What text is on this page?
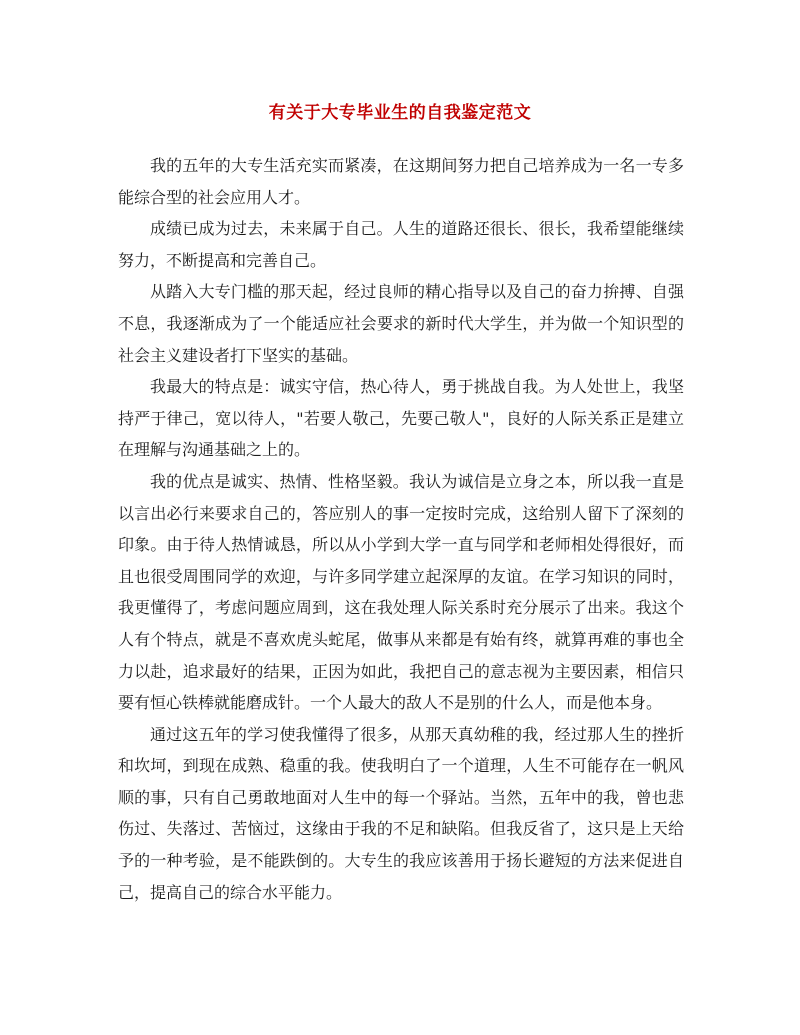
有关于大专毕业生的自我鉴定范文

我的五年的大专生活充实而紧凑，在这期间努力把自己培养成为一名一专多能综合型的社会应用人才。

成绩已成为过去，未来属于自己。人生的道路还很长、很长，我希望能继续努力，不断提高和完善自己。

从踏入大专门槛的那天起，经过良师的精心指导以及自己的奋力拚搏、自强不息，我逐渐成为了一个能适应社会要求的新时代大学生，并为做一个知识型的社会主义建设者打下坚实的基础。

我最大的特点是：诚实守信，热心待人，勇于挑战自我。为人处世上，我坚持严于律己，宽以待人，"若要人敬己，先要己敬人"，良好的人际关系正是建立在理解与沟通基础之上的。

我的优点是诚实、热情、性格坚毅。我认为诚信是立身之本，所以我一直是以言出必行来要求自己的，答应别人的事一定按时完成，这给别人留下了深刻的印象。由于待人热情诚恳，所以从小学到大学一直与同学和老师相处得很好，而且也很受周围同学的欢迎，与许多同学建立起深厚的友谊。在学习知识的同时，我更懂得了，考虑问题应周到，这在我处理人际关系时充分展示了出来。我这个人有个特点，就是不喜欢虎头蛇尾，做事从来都是有始有终，就算再难的事也全力以赴，追求最好的结果，正因为如此，我把自己的意志视为主要因素，相信只要有恒心铁棒就能磨成针。一个人最大的敌人不是别的什么人，而是他本身。

通过这五年的学习使我懂得了很多，从那天真幼稚的我，经过那人生的挫折和坎坷，到现在成熟、稳重的我。使我明白了一个道理，人生不可能存在一帆风顺的事，只有自己勇敢地面对人生中的每一个驿站。当然，五年中的我，曾也悲伤过、失落过、苦恼过，这缘由于我的不足和缺陷。但我反省了，这只是上天给予的一种考验，是不能跌倒的。大专生的我应该善用于扬长避短的方法来促进自己，提高自己的综合水平能力。
